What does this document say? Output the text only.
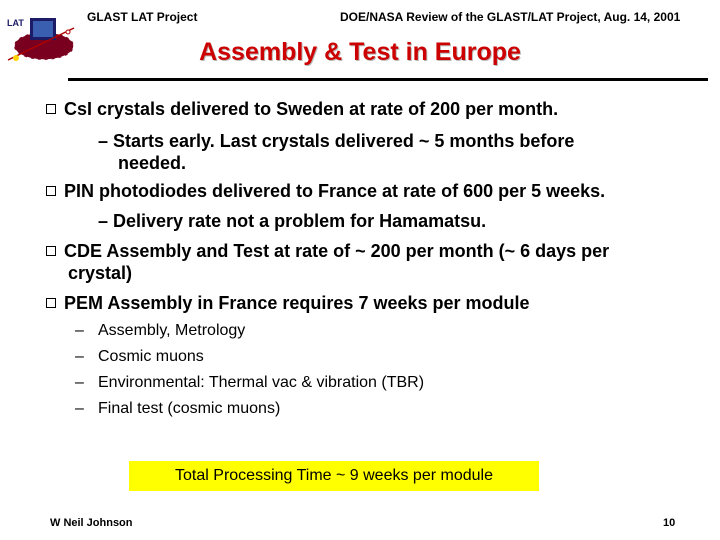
GLAST LAT Project	DOE/NASA Review of the GLAST/LAT Project, Aug. 14, 2001
LAT
Assembly & Test in Europe
CsI crystals delivered to Sweden at rate of 200 per month.
– Starts early. Last crystals delivered ~ 5 months before
needed.
PIN photodiodes delivered to France at rate of 600 per 5 weeks.
– Delivery rate not a problem for Hamamatsu.
CDE Assembly and Test at rate of ~ 200 per month (~ 6 days per
crystal)
PEM Assembly in France requires 7 weeks per module
– Assembly, Metrology
– Cosmic muons
– Environmental: Thermal vac & vibration (TBR)
– Final test (cosmic muons)
Total Processing Time ~ 9 weeks per module
W Neil Johnson	10
